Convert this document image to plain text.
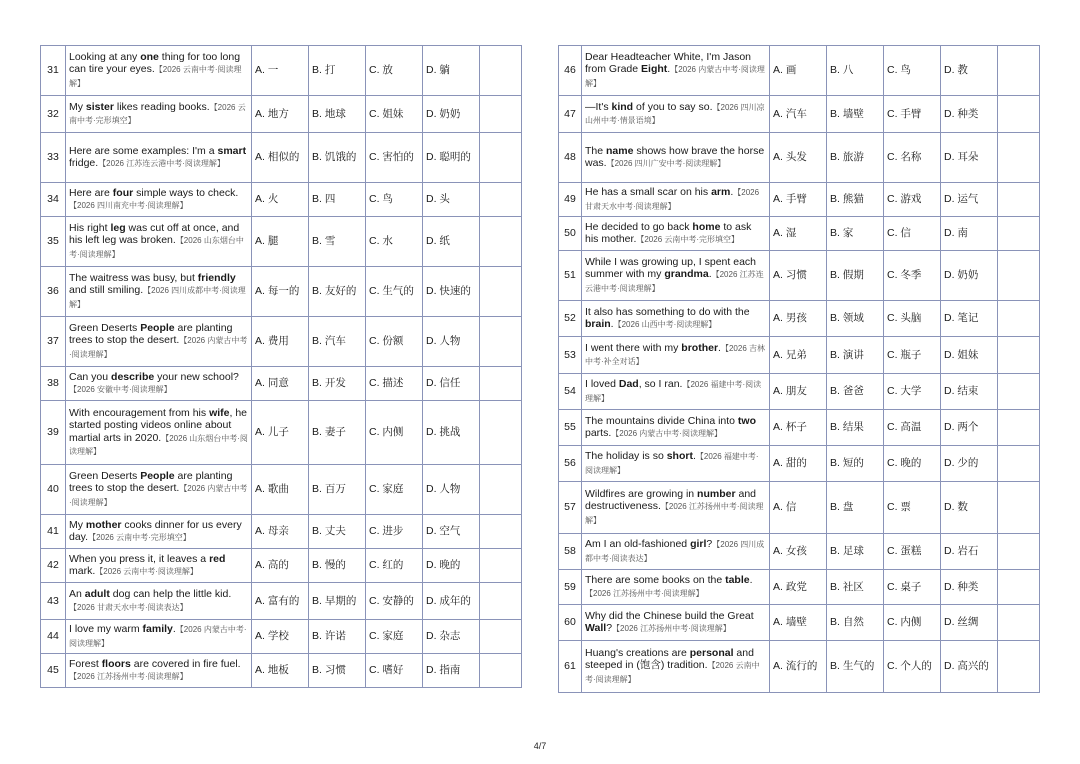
31	Looking at any one thing for too long can tire your eyes.【2026 云南中考·阅读理解】	A. 一	B. 打	C. 放	D. 躺	
32	My sister likes reading books.【2026 云南中考·完形填空】	A. 地方	B. 地球	C. 姐妹	D. 奶奶	
33	Here are some examples: I'm a smart fridge.【2026 江苏连云港中考·阅读理解】	A. 相似的	B. 饥饿的	C. 害怕的	D. 聪明的	
34	Here are four simple ways to check.【2026 四川南充中考·阅读理解】	A. 火	B. 四	C. 鸟	D. 头	
35	His right leg was cut off at once, and his left leg was broken.【2026 山东烟台中考·阅读理解】	A. 腿	B. 雪	C. 水	D. 纸	
36	The waitress was busy, but friendly and still smiling.【2026 四川成都中考·阅读理解】	A. 每一的	B. 友好的	C. 生气的	D. 快速的	
37	Green Deserts People are planting trees to stop the desert.【2026 内蒙古中考·阅读理解】	A. 费用	B. 汽车	C. 份额	D. 人物	
38	Can you describe your new school?【2026 安徽中考·阅读理解】	A. 同意	B. 开发	C. 描述	D. 信任	
39	With encouragement from his wife, he started posting videos online about martial arts in 2020.【2026 山东烟台中考·阅读理解】	A. 儿子	B. 妻子	C. 内侧	D. 挑战	
40	Green Deserts People are planting trees to stop the desert.【2026 内蒙古中考·阅读理解】	A. 歌曲	B. 百万	C. 家庭	D. 人物	
41	My mother cooks dinner for us every day.【2026 云南中考·完形填空】	A. 母亲	B. 丈夫	C. 进步	D. 空气	
42	When you press it, it leaves a red mark.【2026 云南中考·阅读理解】	A. 高的	B. 慢的	C. 红的	D. 晚的	
43	An adult dog can help the little kid.【2026 甘肃天水中考·阅读表达】	A. 富有的	B. 早期的	C. 安静的	D. 成年的	
44	I love my warm family.【2026 内蒙古中考·阅读理解】	A. 学校	B. 许诺	C. 家庭	D. 杂志	
45	Forest floors are covered in fire fuel.【2026 江苏扬州中考·阅读理解】	A. 地板	B. 习惯	C. 嗜好	D. 指南	
46	Dear Headteacher White, I'm Jason from Grade Eight.【2026 内蒙古中考·阅读理解】	A. 画	B. 八	C. 鸟	D. 教	
47	—It's kind of you to say so.【2026 四川凉山州中考·情景语境】	A. 汽车	B. 墙壁	C. 手臂	D. 种类	
48	The name shows how brave the horse was.【2026 四川广安中考·阅读理解】	A. 头发	B. 旅游	C. 名称	D. 耳朵	
49	He has a small scar on his arm.【2026 甘肃天水中考·阅读理解】	A. 手臂	B. 熊猫	C. 游戏	D. 运气	
50	He decided to go back home to ask his mother.【2026 云南中考·完形填空】	A. 湿	B. 家	C. 信	D. 南	
51	While I was growing up, I spent each summer with my grandma.【2026 江苏连云港中考·阅读理解】	A. 习惯	B. 假期	C. 冬季	D. 奶奶	
52	It also has something to do with the brain.【2026 山西中考·阅读理解】	A. 男孩	B. 领域	C. 头脑	D. 笔记	
53	I went there with my brother.【2026 吉林中考·补全对话】	A. 兄弟	B. 演讲	C. 瓶子	D. 姐妹	
54	I loved Dad, so I ran.【2026 福建中考·阅读理解】	A. 朋友	B. 爸爸	C. 大学	D. 结束	
55	The mountains divide China into two parts.【2026 内蒙古中考·阅读理解】	A. 杯子	B. 结果	C. 高温	D. 两个	
56	The holiday is so short.【2026 福建中考·阅读理解】	A. 甜的	B. 短的	C. 晚的	D. 少的	
57	Wildfires are growing in number and destructiveness.【2026 江苏扬州中考·阅读理解】	A. 信	B. 盘	C. 票	D. 数	
58	Am I an old-fashioned girl?【2026 四川成都中考·阅读表达】	A. 女孩	B. 足球	C. 蛋糕	D. 岩石	
59	There are some books on the table.【2026 江苏扬州中考·阅读理解】	A. 政党	B. 社区	C. 桌子	D. 种类	
60	Why did the Chinese build the Great Wall?【2026 江苏扬州中考·阅读理解】	A. 墙壁	B. 自然	C. 内侧	D. 丝绸	
61	Huang's creations are personal and steeped in (饱含) tradition.【2026 云南中考·阅读理解】	A. 流行的	B. 生气的	C. 个人的	D. 高兴的	
4/7
